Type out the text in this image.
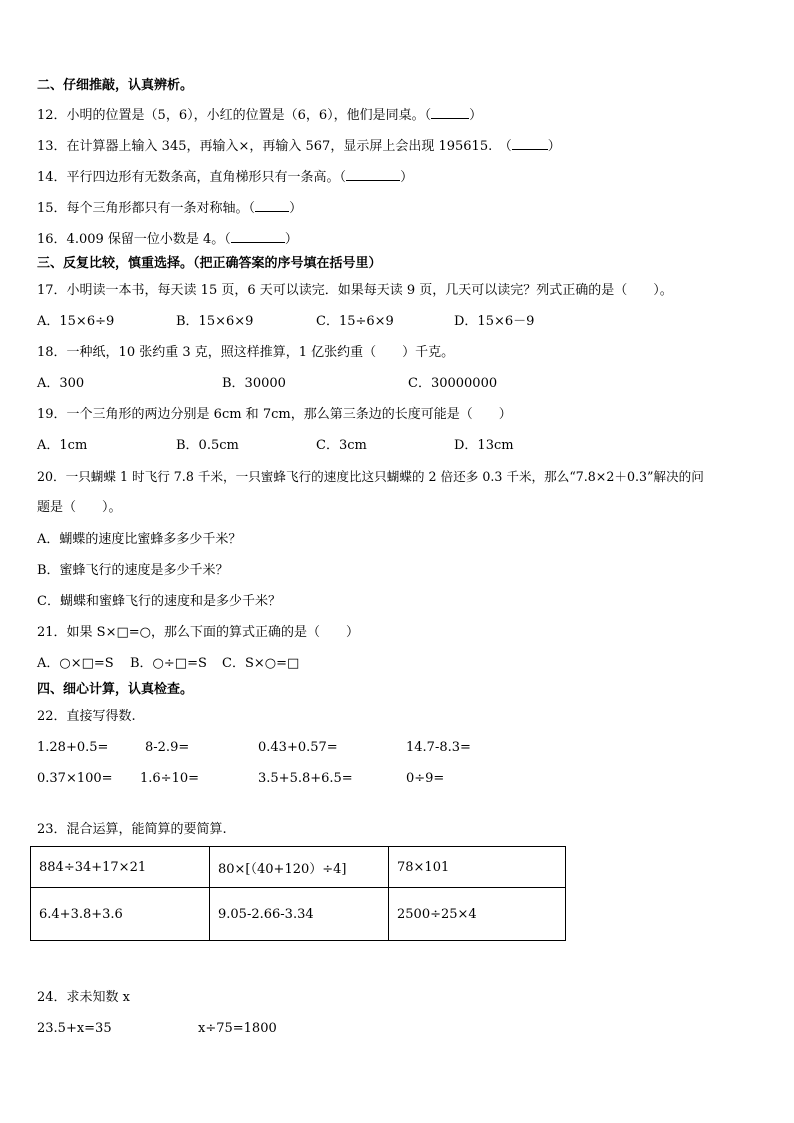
二、仔细推敲，认真辨析。
12．小明的位置是（5，6），小红的位置是（6，6），他们是同桌。（	）
13．在计算器上输入 345，再输入×，再输入 567，显示屏上会出现 195615.　（	）
14．平行四边形有无数条高，直角梯形只有一条高。（	）
15．每个三角形都只有一条对称轴。（	）
16．4.009 保留一位小数是 4。（	）
三、反复比较，慎重选择。（把正确答案的序号填在括号里）
17．小明读一本书，每天读 15 页，6 天可以读完．如果每天读 9 页，几天可以读完？列式正确的是（　　）。
A．15×6÷9	B．15×6×9	C．15÷6×9	D．15×6－9
18．一种纸，10 张约重 3 克，照这样推算，1 亿张约重（　　）千克。
A．300	B．30000	C．30000000
19．一个三角形的两边分别是 6cm 和 7cm，那么第三条边的长度可能是（　　）
A．1cm	B．0.5cm	C．3cm	D．13cm
20．一只蝴蝶 1 时飞行 7.8 千米，一只蜜蜂飞行的速度比这只蝴蝶的 2 倍还多 0.3 千米，那么“7.8×2＋0.3”解决的问
题是（　　）。
A．蝴蝶的速度比蜜蜂多多少千米？
B．蜜蜂飞行的速度是多少千米？
C．蝴蝶和蜜蜂飞行的速度和是多少千米？
21．如果 S×□=○，那么下面的算式正确的是（　　）
A．○×□=S B．○÷□=S C．S×○=□
四、细心计算，认真检查。
22．直接写得数.
1.28+0.5=	8-2.9=	0.43+0.57=	14.7-8.3=
0.37×100= 1.6÷10=	3.5+5.8+6.5=	0÷9=
23．混合运算，能简算的要简算.
884÷34+17×21	80×[（40+120）÷4]	78×101
6.4+3.8+3.6	9.05-2.66-3.34	2500÷25×4
24．求未知数 x
23.5+x=35	x÷75=1800
